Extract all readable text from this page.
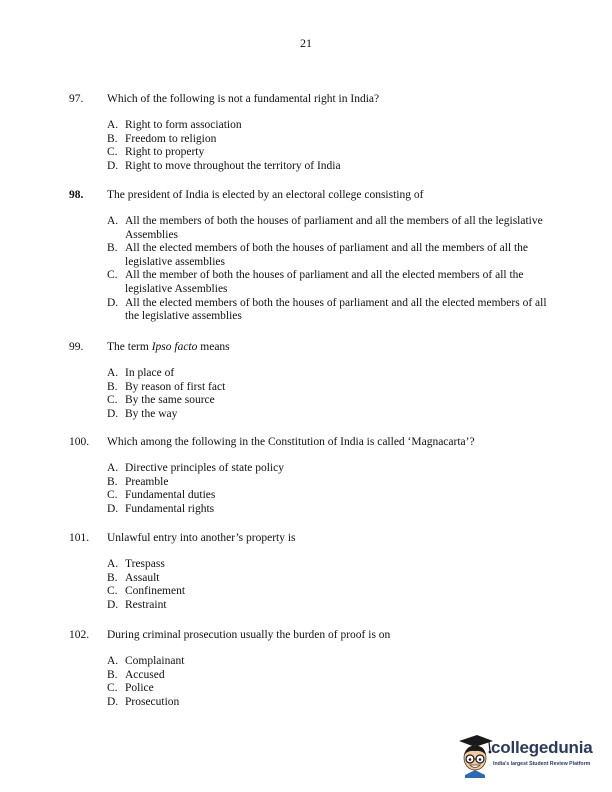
21
97.	Which of the following is not a fundamental right in India?
A. Right to form association
B. Freedom to religion
C. Right to property
D. Right to move throughout the territory of India
98.	The president of India is elected by an electoral college consisting of
A. All the members of both the houses of parliament and all the members of all the legislative Assemblies
B. All the elected members of both the houses of parliament and all the members of all the legislative assemblies
C. All the member of both the houses of parliament and all the elected members of all the legislative Assemblies
D. All the elected members of both the houses of parliament and all the elected members of all the legislative assemblies
99.	The term Ipso facto means
A. In place of
B. By reason of first fact
C. By the same source
D. By the way
100.	Which among the following in the Constitution of India is called ‘Magnacarta’?
A. Directive principles of state policy
B. Preamble
C. Fundamental duties
D. Fundamental rights
101.	Unlawful entry into another’s property is
A. Trespass
B. Assault
C. Confinement
D. Restraint
102.	During criminal prosecution usually the burden of proof is on
A. Complainant
B. Accused
C. Police
D. Prosecution
collegedunia
India's largest Student Review Platform
